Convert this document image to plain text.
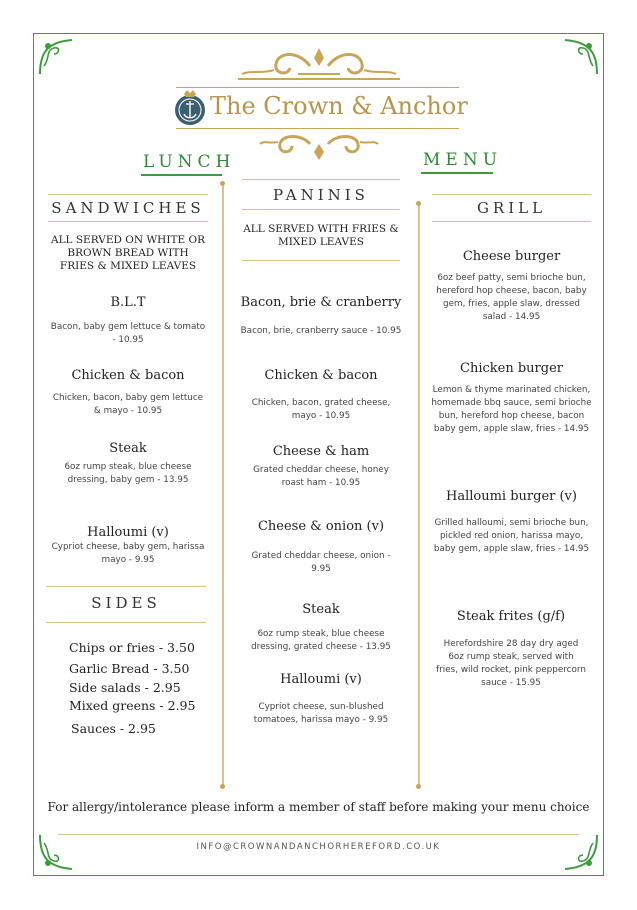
The Crown & Anchor
LUNCH	MENU
SANDWICHES
ALL SERVED ON WHITE OR BROWN BREAD WITH FRIES & MIXED LEAVES
B.L.T
Bacon, baby gem lettuce & tomato - 10.95
Chicken & bacon
Chicken, bacon, baby gem lettuce & mayo - 10.95
Steak
6oz rump steak, blue cheese dressing, baby gem - 13.95
Halloumi (v)
Cypriot cheese, baby gem, harissa mayo - 9.95
SIDES
Chips or fries - 3.50
Garlic Bread - 3.50
Side salads - 2.95
Mixed greens - 2.95
Sauces - 2.95
PANINIS
ALL SERVED WITH FRIES & MIXED LEAVES
Bacon, brie & cranberry
Bacon, brie, cranberry sauce - 10.95
Chicken & bacon
Chicken, bacon, grated cheese, mayo - 10.95
Cheese & ham
Grated cheddar cheese, honey roast ham - 10.95
Cheese & onion (v)
Grated cheddar cheese, onion - 9.95
Steak
6oz rump steak, blue cheese dressing, grated cheese - 13.95
Halloumi (v)
Cypriot cheese, sun-blushed tomatoes, harissa mayo - 9.95
GRILL
Cheese burger
6oz beef patty, semi brioche bun, hereford hop cheese, bacon, baby gem, fries, apple slaw, dressed salad - 14.95
Chicken burger
Lemon & thyme marinated chicken, homemade bbq sauce, semi brioche bun, hereford hop cheese, bacon baby gem, apple slaw, fries - 14.95
Halloumi burger (v)
Grilled halloumi, semi brioche bun, pickled red onion, harissa mayo, baby gem, apple slaw, fries - 14.95
Steak frites (g/f)
Herefordshire 28 day dry aged 6oz rump steak, served with fries, wild rocket, pink peppercorn sauce - 15.95
For allergy/intolerance please inform a member of staff before making your menu choice
INFO@CROWNANDANCHORHEREFORD.CO.UK
